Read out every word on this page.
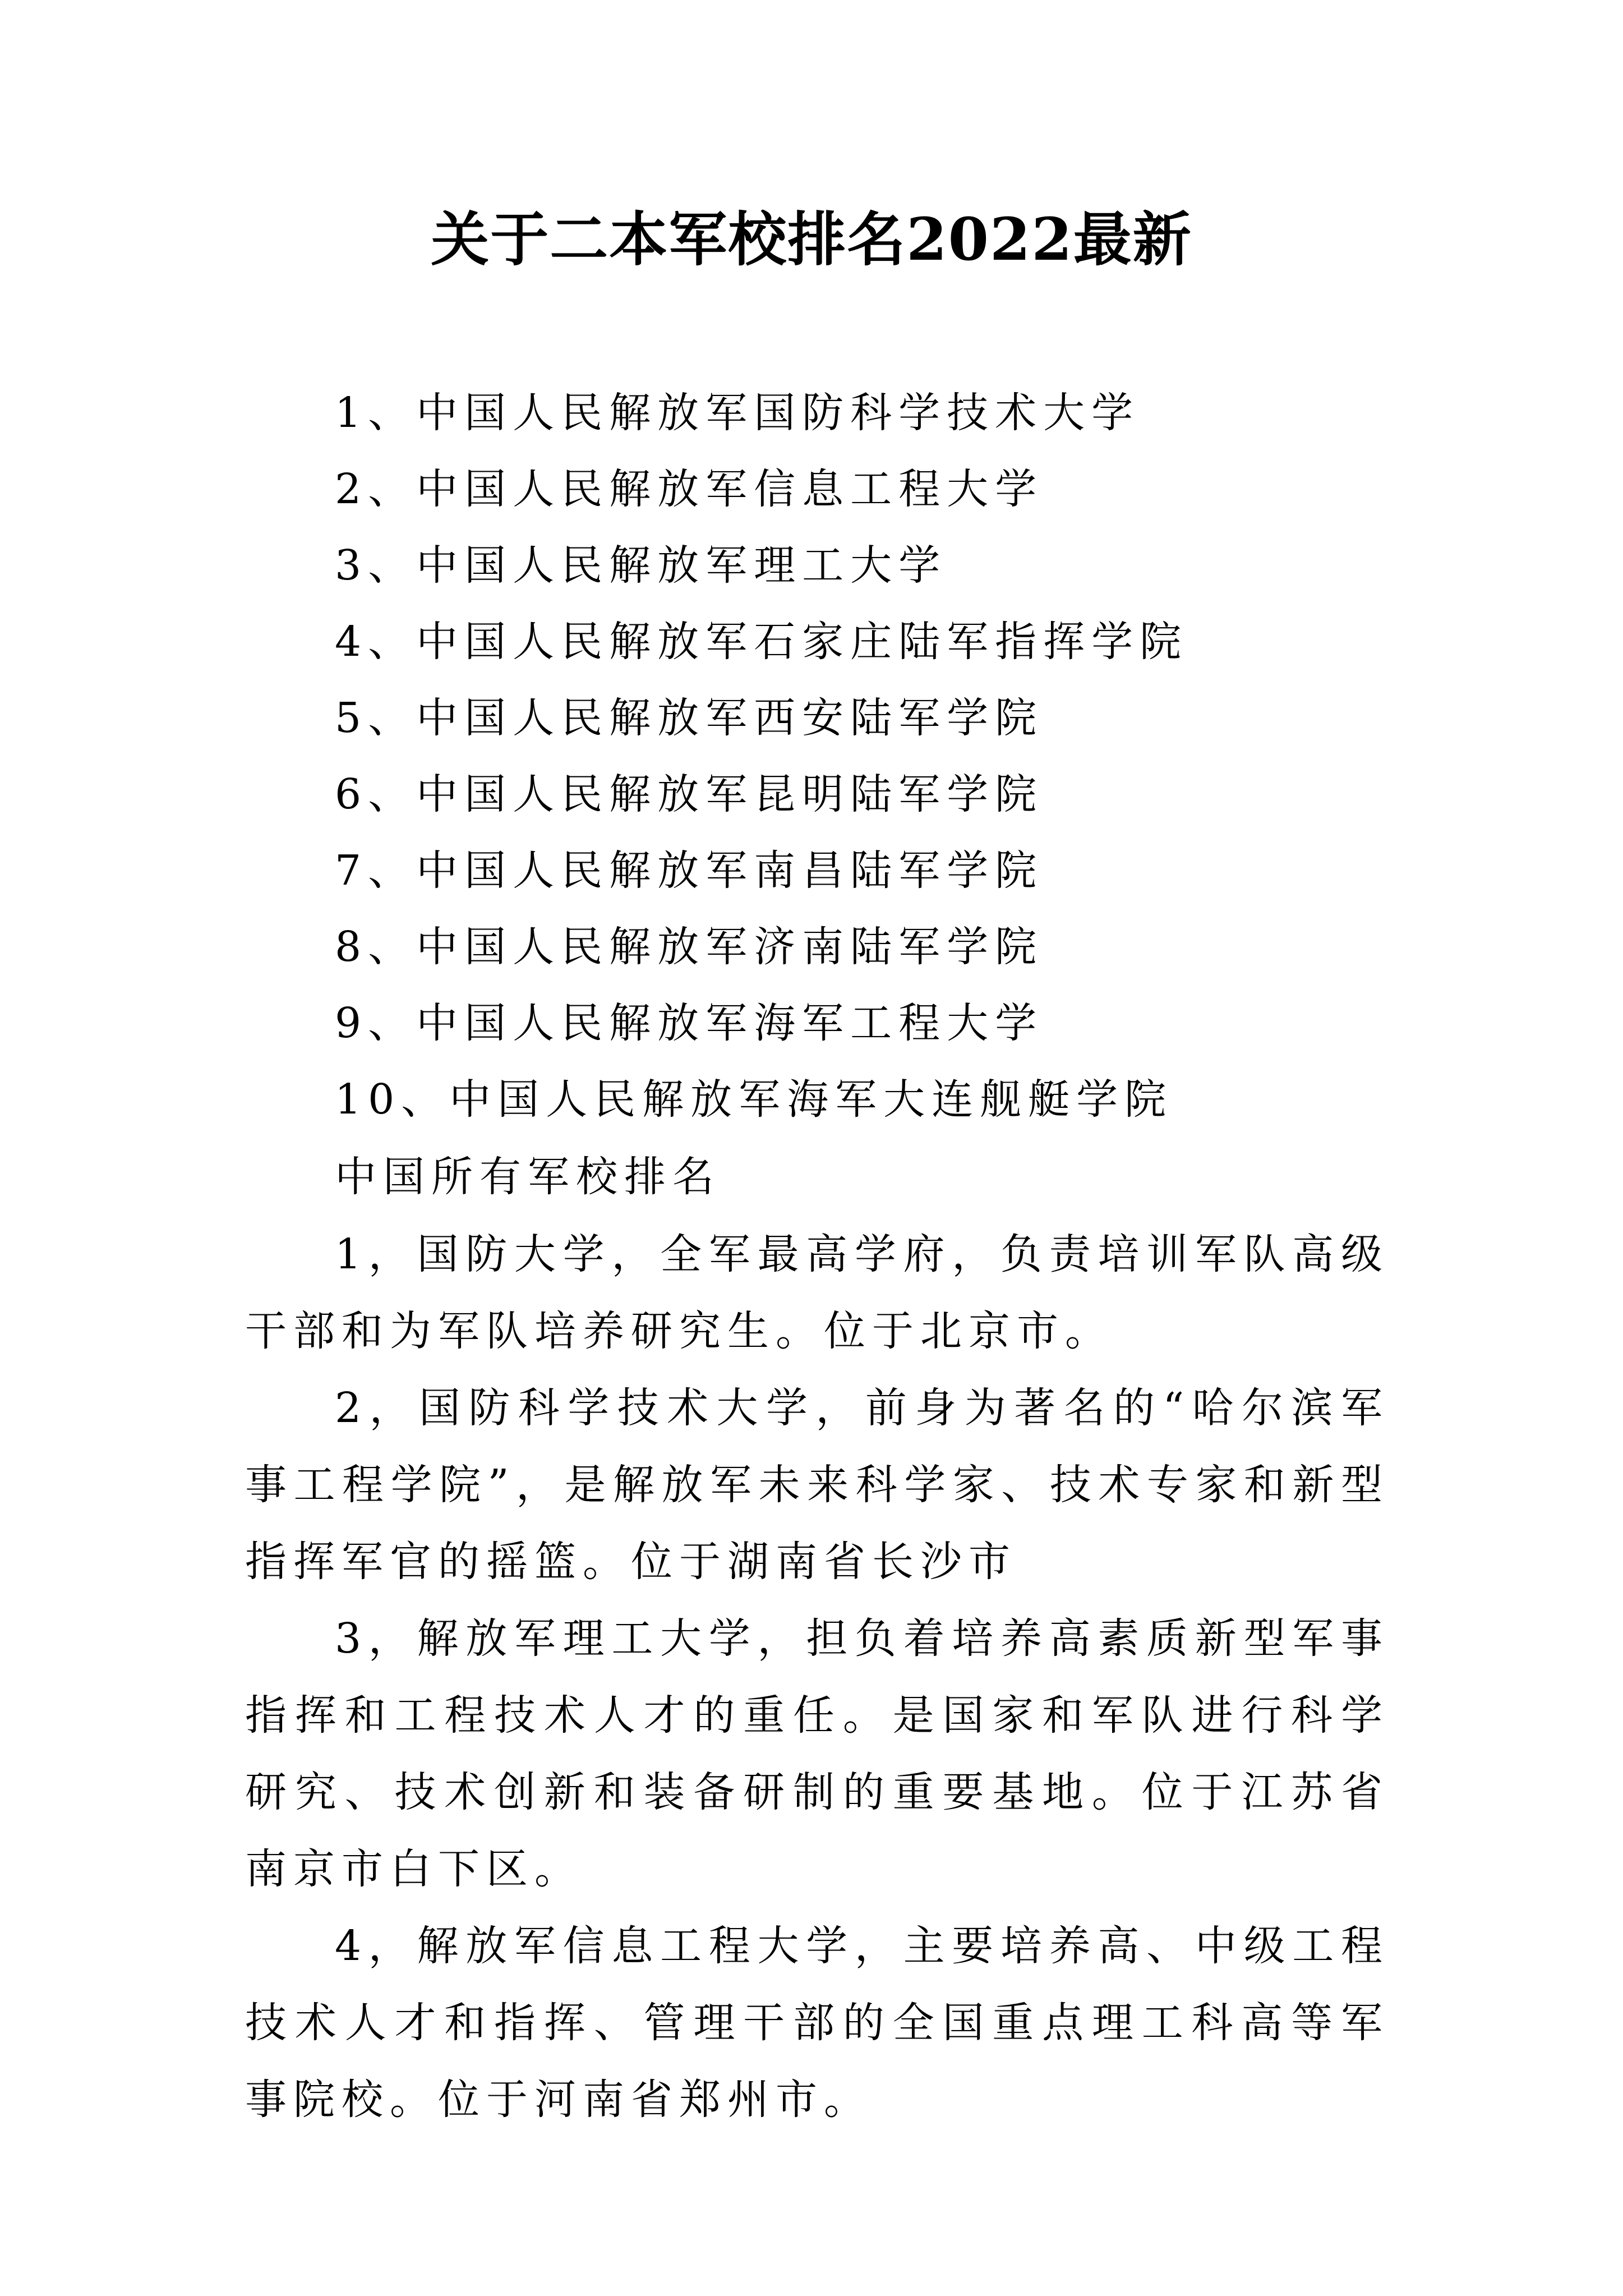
关于二本军校排名2022最新
1、中国人民解放军国防科学技术大学
2、中国人民解放军信息工程大学
3、中国人民解放军理工大学
4、中国人民解放军石家庄陆军指挥学院
5、中国人民解放军西安陆军学院
6、中国人民解放军昆明陆军学院
7、中国人民解放军南昌陆军学院
8、中国人民解放军济南陆军学院
9、中国人民解放军海军工程大学
10、中国人民解放军海军大连舰艇学院
中国所有军校排名

1，国防大学，全军最高学府，负责培训军队高级干部和为军队培养研究生。位于北京市。

2，国防科学技术大学，前身为著名的“哈尔滨军事工程学院”，是解放军未来科学家、技术专家和新型指挥军官的摇篮。位于湖南省长沙市

3，解放军理工大学，担负着培养高素质新型军事指挥和工程技术人才的重任。是国家和军队进行科学研究、技术创新和装备研制的重要基地。位于江苏省南京市白下区。

4，解放军信息工程大学，主要培养高、中级工程技术人才和指挥、管理干部的全国重点理工科高等军事院校。位于河南省郑州市。
